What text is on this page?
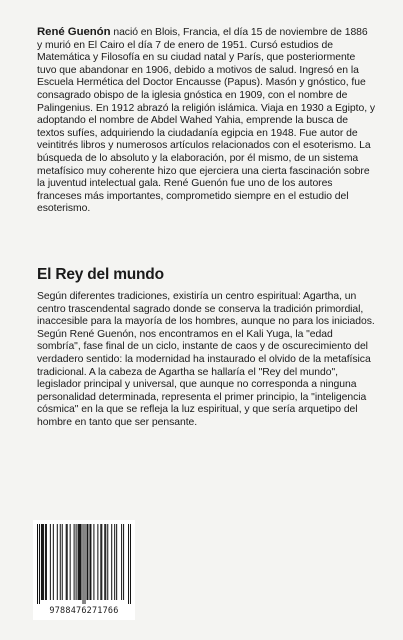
René Guenón nació en Blois, Francia, el día 15 de noviembre de 1886 y murió en El Cairo el día 7 de enero de 1951. Cursó estudios de Matemática y Filosofía en su ciudad natal y París, que posteriormente tuvo que abandonar en 1906, debido a motivos de salud. Ingresó en la Escuela Hermética del Doctor Encausse (Papus). Masón y gnóstico, fue consagrado obispo de la iglesia gnóstica en 1909, con el nombre de Palingenius. En 1912 abrazó la religión islámica. Viaja en 1930 a Egipto, y adoptando el nombre de Abdel Wahed Yahia, emprende la busca de textos sufíes, adquiriendo la ciudadanía egipcia en 1948. Fue autor de veintitrés libros y numerosos artículos relacionados con el esoterismo. La búsqueda de lo absoluto y la elaboración, por él mismo, de un sistema metafísico muy coherente hizo que ejerciera una cierta fascinación sobre la juventud intelectual gala. René Guenón fue uno de los autores franceses más importantes, comprometido siempre en el estudio del esoterismo.
El Rey del mundo
Según diferentes tradiciones, existiría un centro espiritual: Agartha, un centro trascendental sagrado donde se conserva la tradición primordial, inaccesible para la mayoría de los hombres, aunque no para los iniciados. Según René Guenón, nos encontramos en el Kali Yuga, la "edad sombría", fase final de un ciclo, instante de caos y de oscurecimiento del verdadero sentido: la modernidad ha instaurado el olvido de la metafísica tradicional. A la cabeza de Agartha se hallaría el "Rey del mundo", legislador principal y universal, que aunque no corresponda a ninguna personalidad determinada, representa el primer principio, la "inteligencia cósmica" en la que se refleja la luz espiritual, y que sería arquetipo del hombre en tanto que ser pensante.
9788476271766
